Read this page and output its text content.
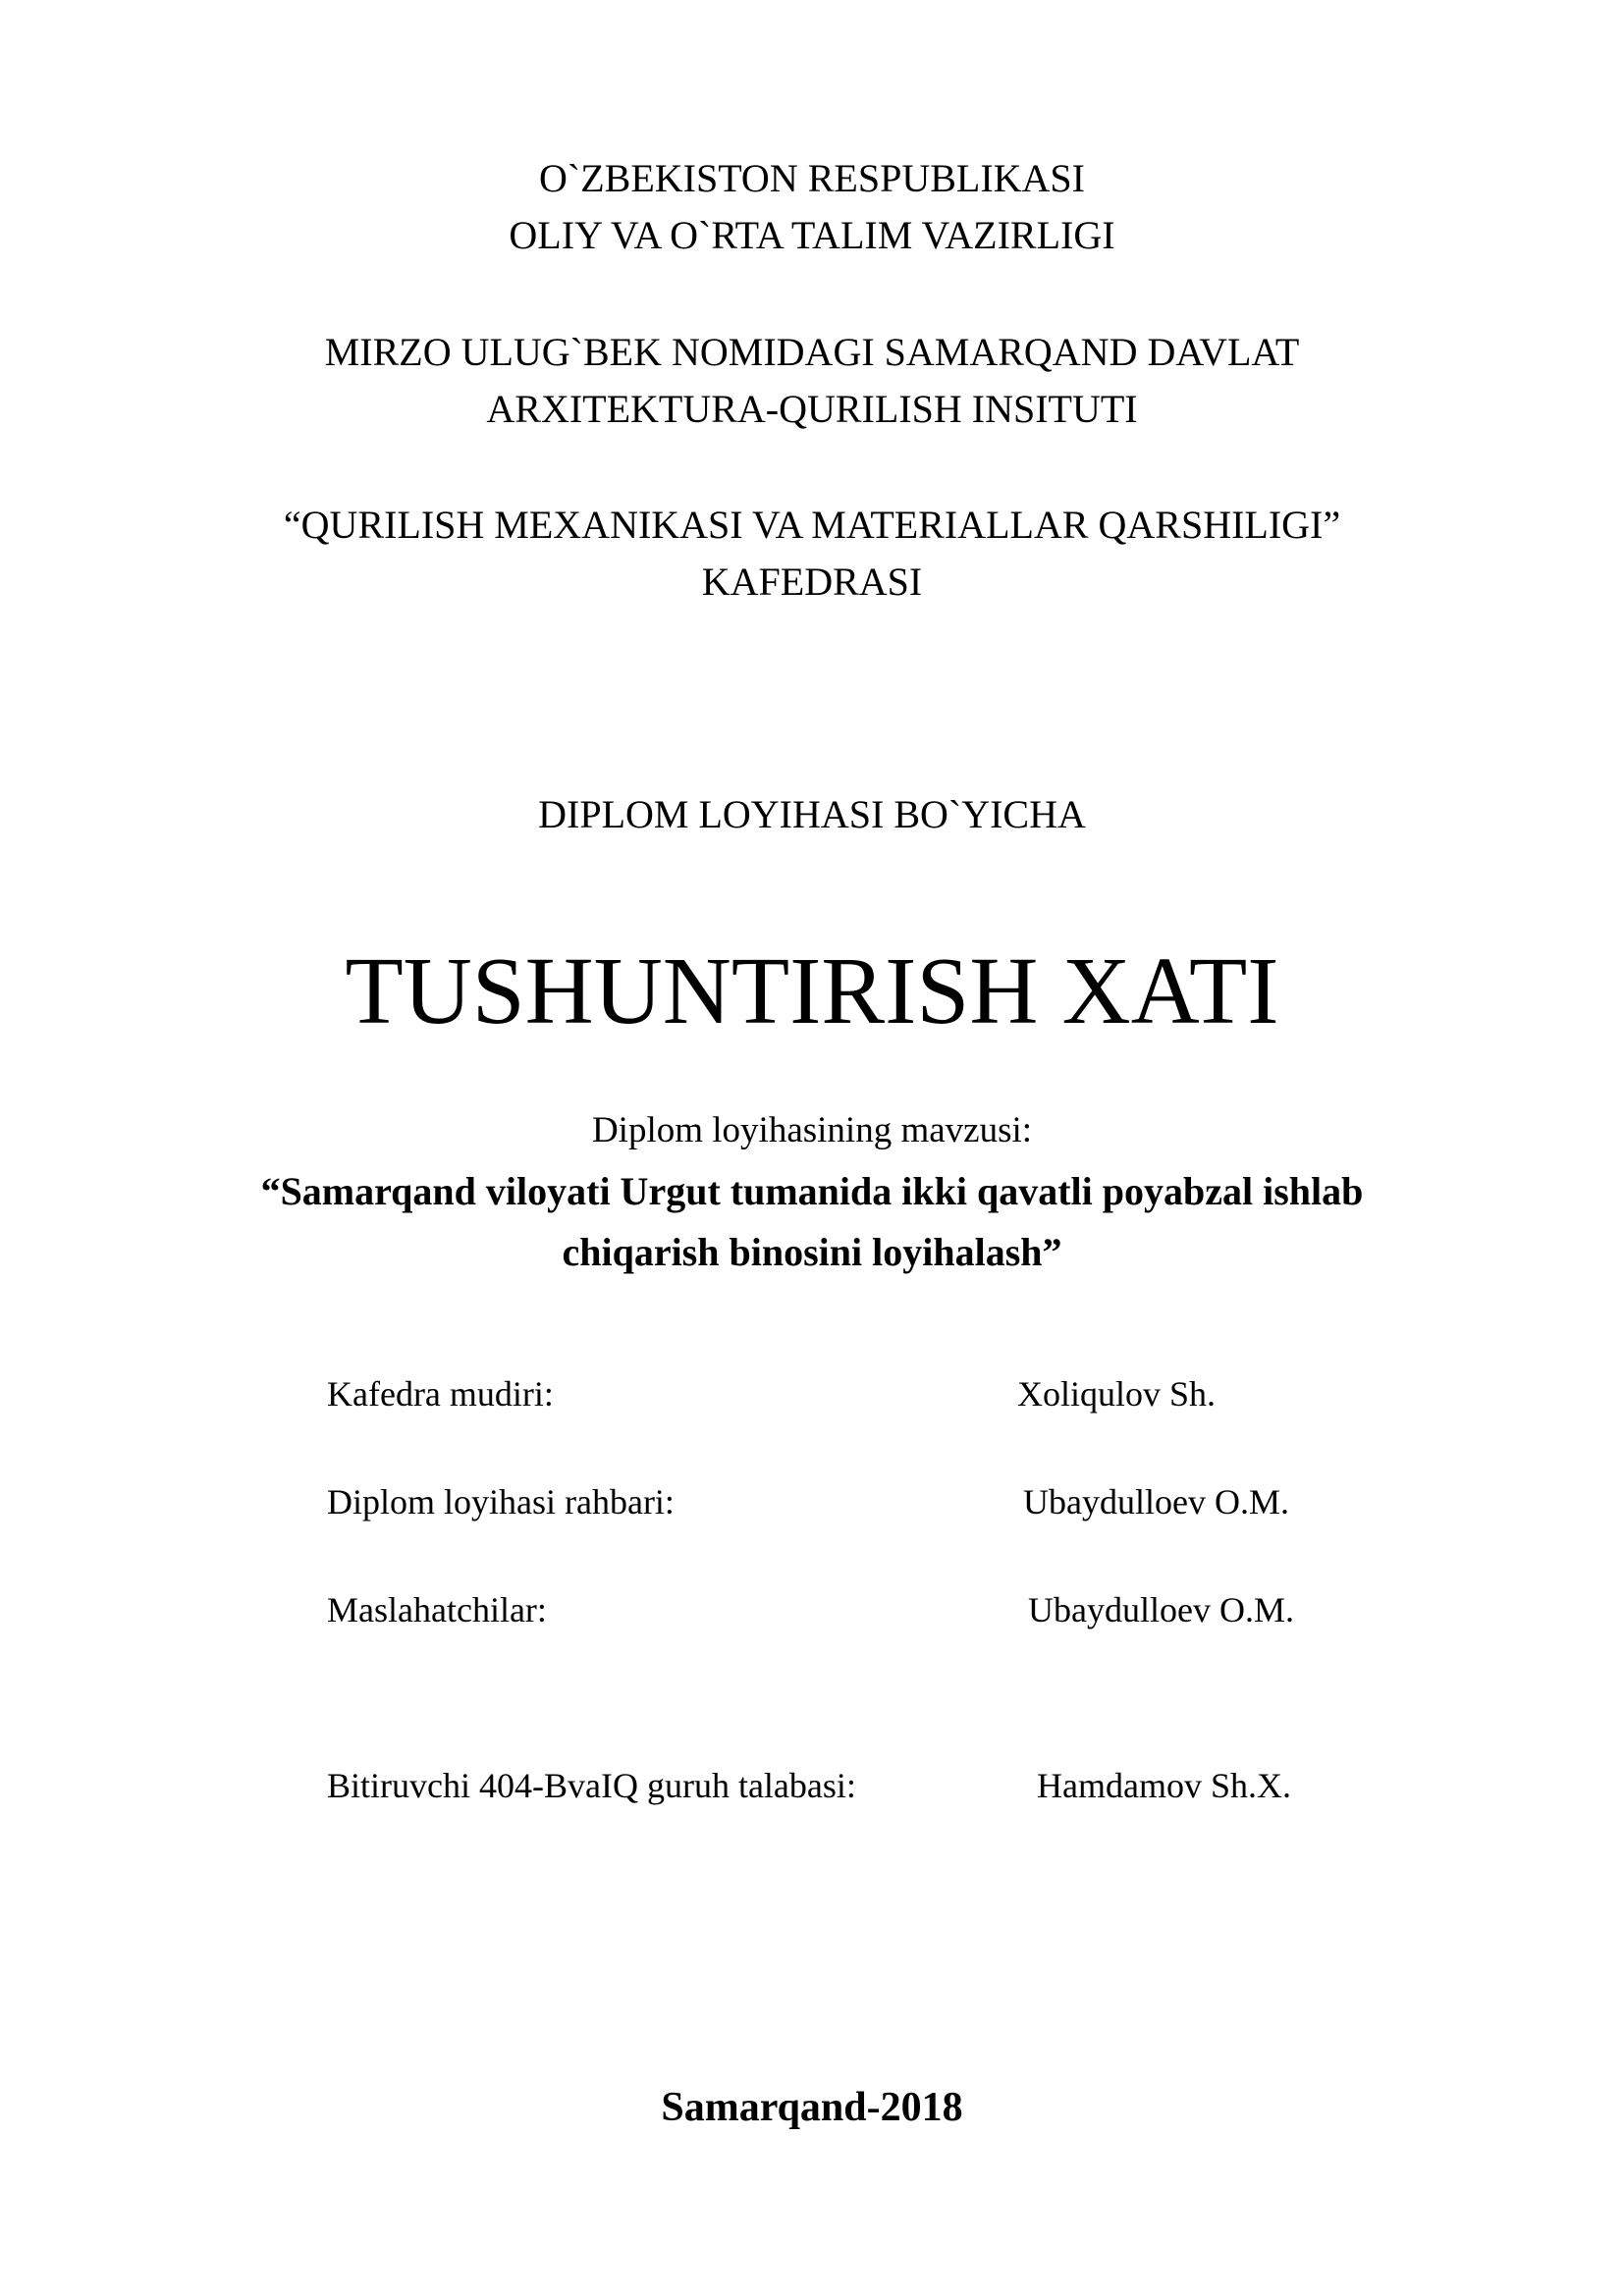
O`ZBEKISTON RESPUBLIKASI
OLIY VA O`RTA TALIM VAZIRLIGI
MIRZO ULUG`BEK NOMIDAGI SAMARQAND DAVLAT
ARXITEKTURA-QURILISH INSITUTI
“QURILISH MEXANIKASI VA MATERIALLAR QARSHILIGI”
KAFEDRASI
DIPLOM LOYIHASI BO`YICHA
TUSHUNTIRISH XATI
Diplom loyihasining mavzusi:
“Samarqand viloyati Urgut tumanida ikki qavatli poyabzal ishlab
chiqarish binosini loyihalash”
Kafedra mudiri:	Xoliqulov Sh.
Diplom loyihasi rahbari:	Ubaydulloev O.M.
Maslahatchilar:	Ubaydulloev O.M.
Bitiruvchi 404-BvaIQ guruh talabasi:	Hamdamov Sh.X.
Samarqand-2018
